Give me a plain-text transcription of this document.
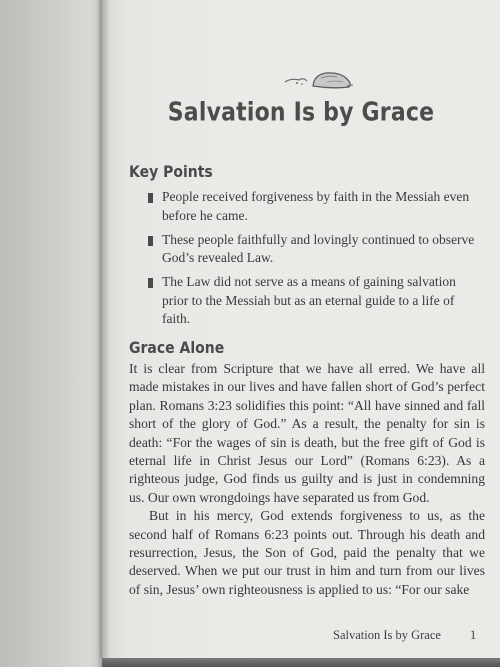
Salvation Is by Grace
Key Points
People received forgiveness by faith in the Messiah even before he came.
These people faithfully and lovingly continued to observe God’s revealed Law.
The Law did not serve as a means of gaining salvation prior to the Messiah but as an eternal guide to a life of faith.
Grace Alone

It is clear from Scripture that we have all erred. We have all made mistakes in our lives and have fallen short of God’s perfect plan. Romans 3:23 solidifies this point: “All have sinned and fall short of the glory of God.” As a result, the penalty for sin is death: “For the wages of sin is death, but the free gift of God is eternal life in Christ Jesus our Lord” (Romans 6:23). As a righteous judge, God finds us guilty and is just in condemning us. Our own wrongdoings have separated us from God.

But in his mercy, God extends forgiveness to us, as the second half of Romans 6:23 points out. Through his death and resurrection, Jesus, the Son of God, paid the penalty that we deserved. When we put our trust in him and turn from our lives of sin, Jesus’ own righteousness is applied to us: “For our sake

Salvation Is by Grace 1
